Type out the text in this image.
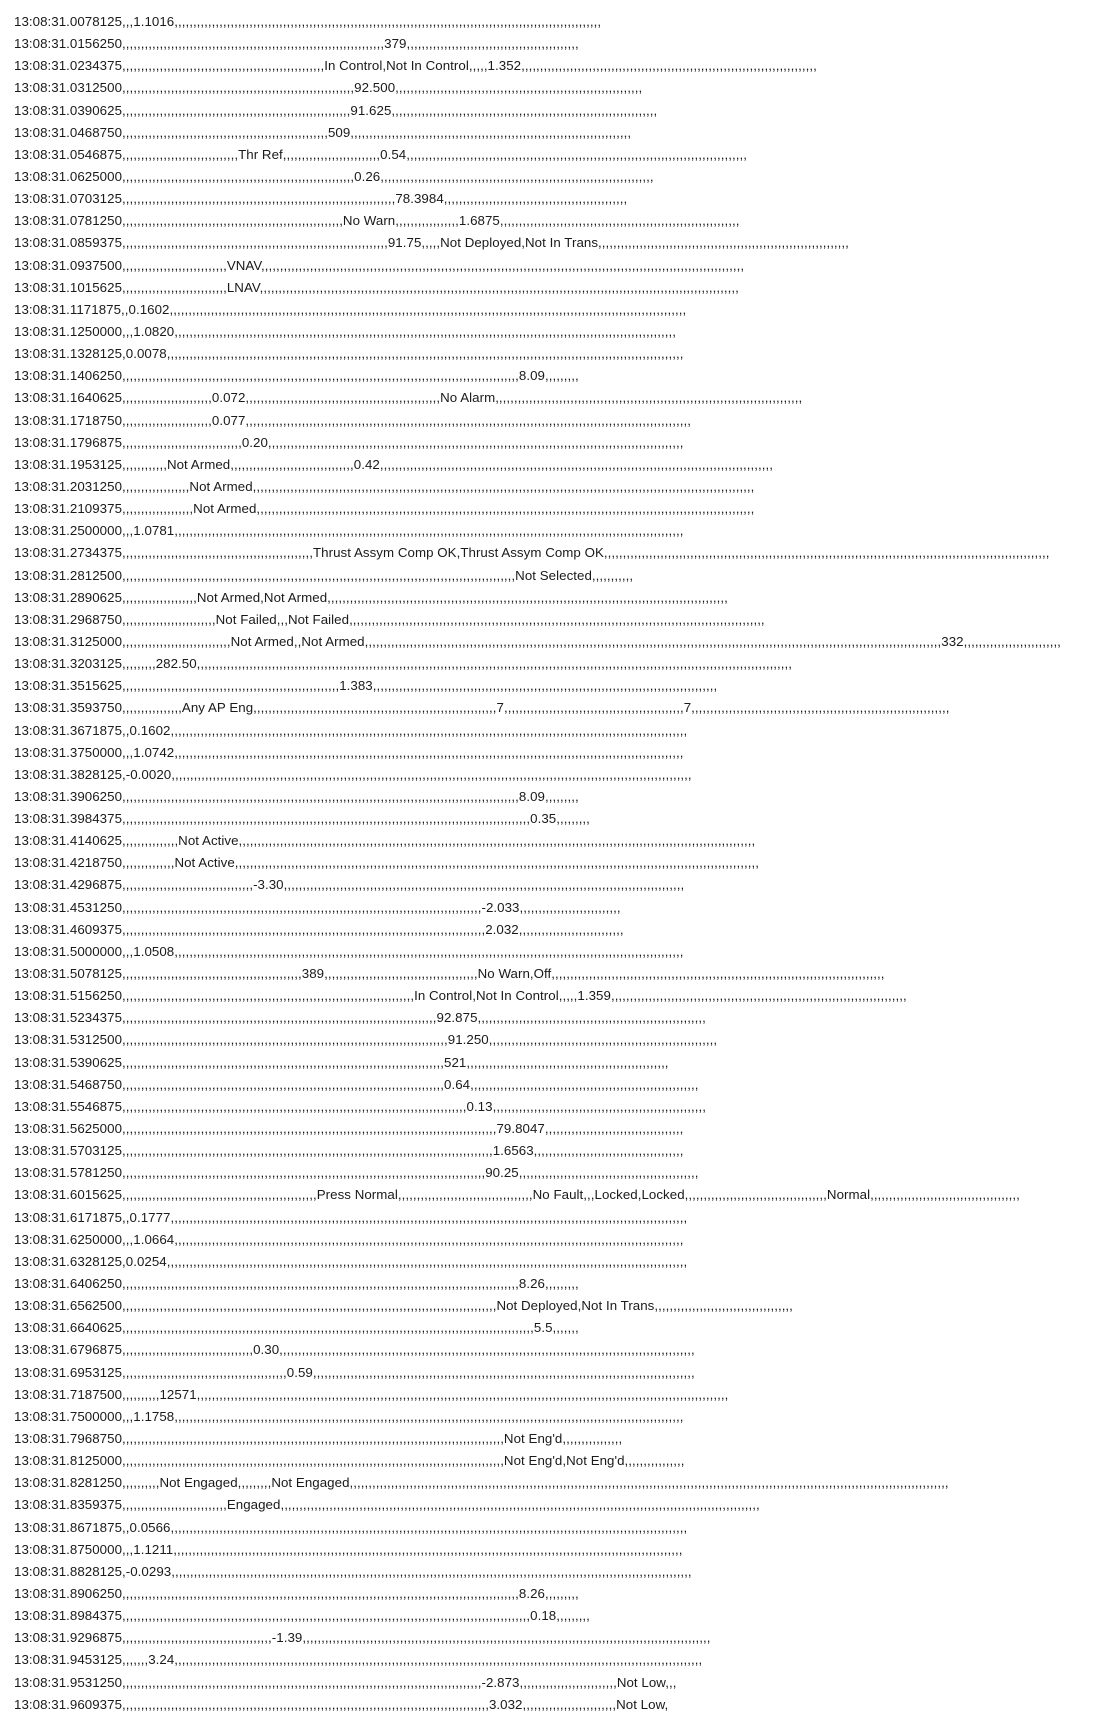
13:08:31.0078125,,,1.1016,,,,,,,,,,,,,,,,,,,,,,,,,,,,,,,,,,,,,,,,,,,,,,,,,,,,,,,,,,,,,,,,,,,,,,,,,,,,,,,,,,,,,,,,,,,,,,,,,,,,,,,,,,,,,,,,,,
13:08:31.0156250,,,,,,,,,,,,,,,,,,,,,,,,,,,,,,,,,,,,,,,,,,,,,,,,,,,,,,,,,,,,,,,,,,,,,,379,,,,,,,,,,,,,,,,,,,,,,,,,,,,,,,,,,,,,,,,,,,,,,
13:08:31.0234375,,,,,,,,,,,,,,,,,,,,,,,,,,,,,,,,,,,,,,,,,,,,,,,,,,,,,,In Control,Not In Control,,,,,1.352,,,,,,,,,,,,,,,,,,,,,,,,,,,,,,,,,,,,,,,,,,,,,,,,,,,,,,,,,,,,,,,,,,,,,,,,,,,,,,,
13:08:31.0312500,,,,,,,,,,,,,,,,,,,,,,,,,,,,,,,,,,,,,,,,,,,,,,,,,,,,,,,,,,,,,,92.500,,,,,,,,,,,,,,,,,,,,,,,,,,,,,,,,,,,,,,,,,,,,,,,,,,,,,,,,,,,,,,,,,,
13:08:31.0390625,,,,,,,,,,,,,,,,,,,,,,,,,,,,,,,,,,,,,,,,,,,,,,,,,,,,,,,,,,,,,91.625,,,,,,,,,,,,,,,,,,,,,,,,,,,,,,,,,,,,,,,,,,,,,,,,,,,,,,,,,,,,,,,,,,,,,,,
13:08:31.0468750,,,,,,,,,,,,,,,,,,,,,,,,,,,,,,,,,,,,,,,,,,,,,,,,,,,,,,,509,,,,,,,,,,,,,,,,,,,,,,,,,,,,,,,,,,,,,,,,,,,,,,,,,,,,,,,,,,,,,,,,,,,,,,,,,,,
13:08:31.0546875,,,,,,,,,,,,,,,,,,,,,,,,,,,,,,,Thr Ref,,,,,,,,,,,,,,,,,,,,,,,,,,0.54,,,,,,,,,,,,,,,,,,,,,,,,,,,,,,,,,,,,,,,,,,,,,,,,,,,,,,,,,,,,,,,,,,,,,,,,,,,,,,,,,,,,,,,,,,,
13:08:31.0625000,,,,,,,,,,,,,,,,,,,,,,,,,,,,,,,,,,,,,,,,,,,,,,,,,,,,,,,,,,,,,,0.26,,,,,,,,,,,,,,,,,,,,,,,,,,,,,,,,,,,,,,,,,,,,,,,,,,,,,,,,,,,,,,,,,,,,,,,,,
13:08:31.0703125,,,,,,,,,,,,,,,,,,,,,,,,,,,,,,,,,,,,,,,,,,,,,,,,,,,,,,,,,,,,,,,,,,,,,,,,,78.3984,,,,,,,,,,,,,,,,,,,,,,,,,,,,,,,,,,,,,,,,,,,,,,,,,
13:08:31.0781250,,,,,,,,,,,,,,,,,,,,,,,,,,,,,,,,,,,,,,,,,,,,,,,,,,,,,,,,,,,No Warn,,,,,,,,,,,,,,,,,1.6875,,,,,,,,,,,,,,,,,,,,,,,,,,,,,,,,,,,,,,,,,,,,,,,,,,,,,,,,,,,,,,,,
13:08:31.0859375,,,,,,,,,,,,,,,,,,,,,,,,,,,,,,,,,,,,,,,,,,,,,,,,,,,,,,,,,,,,,,,,,,,,,,,91.75,,,,,Not Deployed,Not In Trans,,,,,,,,,,,,,,,,,,,,,,,,,,,,,,,,,,,,,,,,,,,,,,,,,,,,,,,,,,,,,,,,,,,
13:08:31.0937500,,,,,,,,,,,,,,,,,,,,,,,,,,,,VNAV,,,,,,,,,,,,,,,,,,,,,,,,,,,,,,,,,,,,,,,,,,,,,,,,,,,,,,,,,,,,,,,,,,,,,,,,,,,,,,,,,,,,,,,,,,,,,,,,,,,,,,,,,,,,,,,,,,,,,,,,,,,,,,,,,
13:08:31.1015625,,,,,,,,,,,,,,,,,,,,,,,,,,,,LNAV,,,,,,,,,,,,,,,,,,,,,,,,,,,,,,,,,,,,,,,,,,,,,,,,,,,,,,,,,,,,,,,,,,,,,,,,,,,,,,,,,,,,,,,,,,,,,,,,,,,,,,,,,,,,,,,,,,,,,,,,,,,,,,,,
13:08:31.1171875,,0.1602,,,,,,,,,,,,,,,,,,,,,,,,,,,,,,,,,,,,,,,,,,,,,,,,,,,,,,,,,,,,,,,,,,,,,,,,,,,,,,,,,,,,,,,,,,,,,,,,,,,,,,,,,,,,,,,,,,,,,,,,,,,,,,,,,,,,,,,,,,
13:08:31.1250000,,,1.0820,,,,,,,,,,,,,,,,,,,,,,,,,,,,,,,,,,,,,,,,,,,,,,,,,,,,,,,,,,,,,,,,,,,,,,,,,,,,,,,,,,,,,,,,,,,,,,,,,,,,,,,,,,,,,,,,,,,,,,,,,,,,,,,,,,,,,,
13:08:31.1328125,0.0078,,,,,,,,,,,,,,,,,,,,,,,,,,,,,,,,,,,,,,,,,,,,,,,,,,,,,,,,,,,,,,,,,,,,,,,,,,,,,,,,,,,,,,,,,,,,,,,,,,,,,,,,,,,,,,,,,,,,,,,,,,,,,,,,,,,,,,,,,,
13:08:31.1406250,,,,,,,,,,,,,,,,,,,,,,,,,,,,,,,,,,,,,,,,,,,,,,,,,,,,,,,,,,,,,,,,,,,,,,,,,,,,,,,,,,,,,,,,,,,,,,,,,,,,,,,,,,8.09,,,,,,,,,
13:08:31.1640625,,,,,,,,,,,,,,,,,,,,,,,,0.072,,,,,,,,,,,,,,,,,,,,,,,,,,,,,,,,,,,,,,,,,,,,,,,,,,,,No Alarm,,,,,,,,,,,,,,,,,,,,,,,,,,,,,,,,,,,,,,,,,,,,,,,,,,,,,,,,,,,,,,,,,,,,,,,,,,,,,,,,,,
13:08:31.1718750,,,,,,,,,,,,,,,,,,,,,,,,0.077,,,,,,,,,,,,,,,,,,,,,,,,,,,,,,,,,,,,,,,,,,,,,,,,,,,,,,,,,,,,,,,,,,,,,,,,,,,,,,,,,,,,,,,,,,,,,,,,,,,,,,,,,,,,,,,,,,,,,,,
13:08:31.1796875,,,,,,,,,,,,,,,,,,,,,,,,,,,,,,,,0.20,,,,,,,,,,,,,,,,,,,,,,,,,,,,,,,,,,,,,,,,,,,,,,,,,,,,,,,,,,,,,,,,,,,,,,,,,,,,,,,,,,,,,,,,,,,,,,,,,,,,,,,,,,,,,,,
13:08:31.1953125,,,,,,,,,,,,Not Armed,,,,,,,,,,,,,,,,,,,,,,,,,,,,,,,,,0.42,,,,,,,,,,,,,,,,,,,,,,,,,,,,,,,,,,,,,,,,,,,,,,,,,,,,,,,,,,,,,,,,,,,,,,,,,,,,,,,,,,,,,,,,,,,,,,,,,,,,,,,,,
13:08:31.2031250,,,,,,,,,,,,,,,,,,Not Armed,,,,,,,,,,,,,,,,,,,,,,,,,,,,,,,,,,,,,,,,,,,,,,,,,,,,,,,,,,,,,,,,,,,,,,,,,,,,,,,,,,,,,,,,,,,,,,,,,,,,,,,,,,,,,,,,,,,,,,,,,,,,,,,,,,,,,,
13:08:31.2109375,,,,,,,,,,,,,,,,,,,Not Armed,,,,,,,,,,,,,,,,,,,,,,,,,,,,,,,,,,,,,,,,,,,,,,,,,,,,,,,,,,,,,,,,,,,,,,,,,,,,,,,,,,,,,,,,,,,,,,,,,,,,,,,,,,,,,,,,,,,,,,,,,,,,,,,,,,,,,
13:08:31.2500000,,,1.0781,,,,,,,,,,,,,,,,,,,,,,,,,,,,,,,,,,,,,,,,,,,,,,,,,,,,,,,,,,,,,,,,,,,,,,,,,,,,,,,,,,,,,,,,,,,,,,,,,,,,,,,,,,,,,,,,,,,,,,,,,,,,,,,,,,,,,,,,
13:08:31.2734375,,,,,,,,,,,,,,,,,,,,,,,,,,,,,,,,,,,,,,,,,,,,,,,,,,,Thrust Assym Comp OK,Thrust Assym Comp OK,,,,,,,,,,,,,,,,,,,,,,,,,,,,,,,,,,,,,,,,,,,,,,,,,,,,,,,,,,,,,,,,,,,,,,,,,,,,,,,,,,,,,,,,,,,,,,,,,,,,,,,,,,,,,,,,,,,,,,,
13:08:31.2812500,,,,,,,,,,,,,,,,,,,,,,,,,,,,,,,,,,,,,,,,,,,,,,,,,,,,,,,,,,,,,,,,,,,,,,,,,,,,,,,,,,,,,,,,,,,,,,,,,,,,,,,,,Not Selected,,,,,,,,,,,
13:08:31.2890625,,,,,,,,,,,,,,,,,,,,Not Armed,Not Armed,,,,,,,,,,,,,,,,,,,,,,,,,,,,,,,,,,,,,,,,,,,,,,,,,,,,,,,,,,,,,,,,,,,,,,,,,,,,,,,,,,,,,,,,,,,,,,,,,,,,,,,,,,,
13:08:31.2968750,,,,,,,,,,,,,,,,,,,,,,,,,Not Failed,,,Not Failed,,,,,,,,,,,,,,,,,,,,,,,,,,,,,,,,,,,,,,,,,,,,,,,,,,,,,,,,,,,,,,,,,,,,,,,,,,,,,,,,,,,,,,,,,,,,,,,,,,,,,,,,,,,,,,,
13:08:31.3125000,,,,,,,,,,,,,,,,,,,,,,,,,,,,,Not Armed,,Not Armed,,,,,,,,,,,,,,,,,,,,,,,,,,,,,,,,,,,,,,,,,,,,,,,,,,,,,,,,,,,,,,,,,,,,,,,,,,,,,,,,,,,,,,,,,,,,,,,,,,,,,,,,,,,,,,,,,,,,,,,,,,,,,,,,,,,,,,,,,,,,,,,,,,,,,,,,,,332,,,,,,,,,,,,,,,,,,,,,,,,,,
13:08:31.3203125,,,,,,,,,282.50,,,,,,,,,,,,,,,,,,,,,,,,,,,,,,,,,,,,,,,,,,,,,,,,,,,,,,,,,,,,,,,,,,,,,,,,,,,,,,,,,,,,,,,,,,,,,,,,,,,,,,,,,,,,,,,,,,,,,,,,,,,,,,,,,,,,,,,,,,,,,,,,,,,,,,,,,,,,,,,
13:08:31.3515625,,,,,,,,,,,,,,,,,,,,,,,,,,,,,,,,,,,,,,,,,,,,,,,,,,,,,,,,,,1.383,,,,,,,,,,,,,,,,,,,,,,,,,,,,,,,,,,,,,,,,,,,,,,,,,,,,,,,,,,,,,,,,,,,,,,,,,,,,,,,,,,,,,,,,,,,,
13:08:31.3593750,,,,,,,,,,,,,,,,Any AP Eng,,,,,,,,,,,,,,,,,,,,,,,,,,,,,,,,,,,,,,,,,,,,,,,,,,,,,,,,,,,,,,,,,7,,,,,,,,,,,,,,,,,,,,,,,,,,,,,,,,,,,,,,,,,,,,,,,,7,,,,,,,,,,,,,,,,,,,,,,,,,,,,,,,,,,,,,,,,,,,,,,,,,,,,,,,,,,,,,,,,,,,,,
13:08:31.3671875,,0.1602,,,,,,,,,,,,,,,,,,,,,,,,,,,,,,,,,,,,,,,,,,,,,,,,,,,,,,,,,,,,,,,,,,,,,,,,,,,,,,,,,,,,,,,,,,,,,,,,,,,,,,,,,,,,,,,,,,,,,,,,,,,,,,,,,,,,,,,,,,
13:08:31.3750000,,,1.0742,,,,,,,,,,,,,,,,,,,,,,,,,,,,,,,,,,,,,,,,,,,,,,,,,,,,,,,,,,,,,,,,,,,,,,,,,,,,,,,,,,,,,,,,,,,,,,,,,,,,,,,,,,,,,,,,,,,,,,,,,,,,,,,,,,,,,,,,
13:08:31.3828125,-0.0020,,,,,,,,,,,,,,,,,,,,,,,,,,,,,,,,,,,,,,,,,,,,,,,,,,,,,,,,,,,,,,,,,,,,,,,,,,,,,,,,,,,,,,,,,,,,,,,,,,,,,,,,,,,,,,,,,,,,,,,,,,,,,,,,,,,,,,,,,,,
13:08:31.3906250,,,,,,,,,,,,,,,,,,,,,,,,,,,,,,,,,,,,,,,,,,,,,,,,,,,,,,,,,,,,,,,,,,,,,,,,,,,,,,,,,,,,,,,,,,,,,,,,,,,,,,,,,,8.09,,,,,,,,,
13:08:31.3984375,,,,,,,,,,,,,,,,,,,,,,,,,,,,,,,,,,,,,,,,,,,,,,,,,,,,,,,,,,,,,,,,,,,,,,,,,,,,,,,,,,,,,,,,,,,,,,,,,,,,,,,,,,,,,0.35,,,,,,,,,
13:08:31.4140625,,,,,,,,,,,,,,,Not Active,,,,,,,,,,,,,,,,,,,,,,,,,,,,,,,,,,,,,,,,,,,,,,,,,,,,,,,,,,,,,,,,,,,,,,,,,,,,,,,,,,,,,,,,,,,,,,,,,,,,,,,,,,,,,,,,,,,,,,,,,,,,,,,,,,,,,,,,,,
13:08:31.4218750,,,,,,,,,,,,,,Not Active,,,,,,,,,,,,,,,,,,,,,,,,,,,,,,,,,,,,,,,,,,,,,,,,,,,,,,,,,,,,,,,,,,,,,,,,,,,,,,,,,,,,,,,,,,,,,,,,,,,,,,,,,,,,,,,,,,,,,,,,,,,,,,,,,,,,,,,,,,,,
13:08:31.4296875,,,,,,,,,,,,,,,,,,,,,,,,,,,,,,,,,,,-3.30,,,,,,,,,,,,,,,,,,,,,,,,,,,,,,,,,,,,,,,,,,,,,,,,,,,,,,,,,,,,,,,,,,,,,,,,,,,,,,,,,,,,,,,,,,,,,,,,,,,,,,,,,,,
13:08:31.4531250,,,,,,,,,,,,,,,,,,,,,,,,,,,,,,,,,,,,,,,,,,,,,,,,,,,,,,,,,,,,,,,,,,,,,,,,,,,,,,,,,,,,,,,,,,,,,,,,-2.033,,,,,,,,,,,,,,,,,,,,,,,,,,,
13:08:31.4609375,,,,,,,,,,,,,,,,,,,,,,,,,,,,,,,,,,,,,,,,,,,,,,,,,,,,,,,,,,,,,,,,,,,,,,,,,,,,,,,,,,,,,,,,,,,,,,,,,2.032,,,,,,,,,,,,,,,,,,,,,,,,,,,,
13:08:31.5000000,,,1.0508,,,,,,,,,,,,,,,,,,,,,,,,,,,,,,,,,,,,,,,,,,,,,,,,,,,,,,,,,,,,,,,,,,,,,,,,,,,,,,,,,,,,,,,,,,,,,,,,,,,,,,,,,,,,,,,,,,,,,,,,,,,,,,,,,,,,,,,,
13:08:31.5078125,,,,,,,,,,,,,,,,,,,,,,,,,,,,,,,,,,,,,,,,,,,,,,,,389,,,,,,,,,,,,,,,,,,,,,,,,,,,,,,,,,,,,,,,,,No Warn,Off,,,,,,,,,,,,,,,,,,,,,,,,,,,,,,,,,,,,,,,,,,,,,,,,,,,,,,,,,,,,,,,,,,,,,,,,,,,,,,,,,,,,,,,,,
13:08:31.5156250,,,,,,,,,,,,,,,,,,,,,,,,,,,,,,,,,,,,,,,,,,,,,,,,,,,,,,,,,,,,,,,,,,,,,,,,,,,,,,In Control,Not In Control,,,,,1.359,,,,,,,,,,,,,,,,,,,,,,,,,,,,,,,,,,,,,,,,,,,,,,,,,,,,,,,,,,,,,,,,,,,,,,,,,,,,,,,
13:08:31.5234375,,,,,,,,,,,,,,,,,,,,,,,,,,,,,,,,,,,,,,,,,,,,,,,,,,,,,,,,,,,,,,,,,,,,,,,,,,,,,,,,,,,,92.875,,,,,,,,,,,,,,,,,,,,,,,,,,,,,,,,,,,,,,,,,,,,,,,,,,,,,,,,,,,,,
13:08:31.5312500,,,,,,,,,,,,,,,,,,,,,,,,,,,,,,,,,,,,,,,,,,,,,,,,,,,,,,,,,,,,,,,,,,,,,,,,,,,,,,,,,,,,,,,91.250,,,,,,,,,,,,,,,,,,,,,,,,,,,,,,,,,,,,,,,,,,,,,,,,,,,,,,,,,,,,,
13:08:31.5390625,,,,,,,,,,,,,,,,,,,,,,,,,,,,,,,,,,,,,,,,,,,,,,,,,,,,,,,,,,,,,,,,,,,,,,,,,,,,,,,,,,,,,,521,,,,,,,,,,,,,,,,,,,,,,,,,,,,,,,,,,,,,,,,,,,,,,,,,,,,,,
13:08:31.5468750,,,,,,,,,,,,,,,,,,,,,,,,,,,,,,,,,,,,,,,,,,,,,,,,,,,,,,,,,,,,,,,,,,,,,,,,,,,,,,,,,,,,,,0.64,,,,,,,,,,,,,,,,,,,,,,,,,,,,,,,,,,,,,,,,,,,,,,,,,,,,,,,,,,,,,
13:08:31.5546875,,,,,,,,,,,,,,,,,,,,,,,,,,,,,,,,,,,,,,,,,,,,,,,,,,,,,,,,,,,,,,,,,,,,,,,,,,,,,,,,,,,,,,,,,,,,0.13,,,,,,,,,,,,,,,,,,,,,,,,,,,,,,,,,,,,,,,,,,,,,,,,,,,,,,,,,
13:08:31.5625000,,,,,,,,,,,,,,,,,,,,,,,,,,,,,,,,,,,,,,,,,,,,,,,,,,,,,,,,,,,,,,,,,,,,,,,,,,,,,,,,,,,,,,,,,,,,,,,,,,,,79.8047,,,,,,,,,,,,,,,,,,,,,,,,,,,,,,,,,,,,,
13:08:31.5703125,,,,,,,,,,,,,,,,,,,,,,,,,,,,,,,,,,,,,,,,,,,,,,,,,,,,,,,,,,,,,,,,,,,,,,,,,,,,,,,,,,,,,,,,,,,,,,,,,,,1.6563,,,,,,,,,,,,,,,,,,,,,,,,,,,,,,,,,,,,,,,,
13:08:31.5781250,,,,,,,,,,,,,,,,,,,,,,,,,,,,,,,,,,,,,,,,,,,,,,,,,,,,,,,,,,,,,,,,,,,,,,,,,,,,,,,,,,,,,,,,,,,,,,,,,90.25,,,,,,,,,,,,,,,,,,,,,,,,,,,,,,,,,,,,,,,,,,,,,,,,
13:08:31.6015625,,,,,,,,,,,,,,,,,,,,,,,,,,,,,,,,,,,,,,,,,,,,,,,,,,,,Press Normal,,,,,,,,,,,,,,,,,,,,,,,,,,,,,,,,,,,,No Fault,,,Locked,Locked,,,,,,,,,,,,,,,,,,,,,,,,,,,,,,,,,,,,,,Normal,,,,,,,,,,,,,,,,,,,,,,,,,,,,,,,,,,,,,,,,
13:08:31.6171875,,0.1777,,,,,,,,,,,,,,,,,,,,,,,,,,,,,,,,,,,,,,,,,,,,,,,,,,,,,,,,,,,,,,,,,,,,,,,,,,,,,,,,,,,,,,,,,,,,,,,,,,,,,,,,,,,,,,,,,,,,,,,,,,,,,,,,,,,,,,,,,,
13:08:31.6250000,,,1.0664,,,,,,,,,,,,,,,,,,,,,,,,,,,,,,,,,,,,,,,,,,,,,,,,,,,,,,,,,,,,,,,,,,,,,,,,,,,,,,,,,,,,,,,,,,,,,,,,,,,,,,,,,,,,,,,,,,,,,,,,,,,,,,,,,,,,,,,,
13:08:31.6328125,0.0254,,,,,,,,,,,,,,,,,,,,,,,,,,,,,,,,,,,,,,,,,,,,,,,,,,,,,,,,,,,,,,,,,,,,,,,,,,,,,,,,,,,,,,,,,,,,,,,,,,,,,,,,,,,,,,,,,,,,,,,,,,,,,,,,,,,,,,,,,,,
13:08:31.6406250,,,,,,,,,,,,,,,,,,,,,,,,,,,,,,,,,,,,,,,,,,,,,,,,,,,,,,,,,,,,,,,,,,,,,,,,,,,,,,,,,,,,,,,,,,,,,,,,,,,,,,,,,,8.26,,,,,,,,,
13:08:31.6562500,,,,,,,,,,,,,,,,,,,,,,,,,,,,,,,,,,,,,,,,,,,,,,,,,,,,,,,,,,,,,,,,,,,,,,,,,,,,,,,,,,,,,,,,,,,,,,,,,,,,Not Deployed,Not In Trans,,,,,,,,,,,,,,,,,,,,,,,,,,,,,,,,,,,,,
13:08:31.6640625,,,,,,,,,,,,,,,,,,,,,,,,,,,,,,,,,,,,,,,,,,,,,,,,,,,,,,,,,,,,,,,,,,,,,,,,,,,,,,,,,,,,,,,,,,,,,,,,,,,,,,,,,,,,,,5.5,,,,,,,
13:08:31.6796875,,,,,,,,,,,,,,,,,,,,,,,,,,,,,,,,,,,0.30,,,,,,,,,,,,,,,,,,,,,,,,,,,,,,,,,,,,,,,,,,,,,,,,,,,,,,,,,,,,,,,,,,,,,,,,,,,,,,,,,,,,,,,,,,,,,,,,,,,,,,,,,,,,,,,
13:08:31.6953125,,,,,,,,,,,,,,,,,,,,,,,,,,,,,,,,,,,,,,,,,,,,0.59,,,,,,,,,,,,,,,,,,,,,,,,,,,,,,,,,,,,,,,,,,,,,,,,,,,,,,,,,,,,,,,,,,,,,,,,,,,,,,,,,,,,,,,,,,,,,,,,,,,,,,
13:08:31.7187500,,,,,,,,,,12571,,,,,,,,,,,,,,,,,,,,,,,,,,,,,,,,,,,,,,,,,,,,,,,,,,,,,,,,,,,,,,,,,,,,,,,,,,,,,,,,,,,,,,,,,,,,,,,,,,,,,,,,,,,,,,,,,,,,,,,,,,,,,,,,,,,,,,,,,,,,,,
13:08:31.7500000,,,1.1758,,,,,,,,,,,,,,,,,,,,,,,,,,,,,,,,,,,,,,,,,,,,,,,,,,,,,,,,,,,,,,,,,,,,,,,,,,,,,,,,,,,,,,,,,,,,,,,,,,,,,,,,,,,,,,,,,,,,,,,,,,,,,,,,,,,,,,,,
13:08:31.7968750,,,,,,,,,,,,,,,,,,,,,,,,,,,,,,,,,,,,,,,,,,,,,,,,,,,,,,,,,,,,,,,,,,,,,,,,,,,,,,,,,,,,,,,,,,,,,,,,,,,,,,Not Eng'd,,,,,,,,,,,,,,,,
13:08:31.8125000,,,,,,,,,,,,,,,,,,,,,,,,,,,,,,,,,,,,,,,,,,,,,,,,,,,,,,,,,,,,,,,,,,,,,,,,,,,,,,,,,,,,,,,,,,,,,,,,,,,,,,Not Eng'd,Not Eng'd,,,,,,,,,,,,,,,,
13:08:31.8281250,,,,,,,,,,Not Engaged,,,,,,,,,Not Engaged,,,,,,,,,,,,,,,,,,,,,,,,,,,,,,,,,,,,,,,,,,,,,,,,,,,,,,,,,,,,,,,,,,,,,,,,,,,,,,,,,,,,,,,,,,,,,,,,,,,,,,,,,,,,,,,,,,,,,,,,,,,,,,,,,,,,,,,,,,,,,,,,,,,,,,,,,,,,,,,,
13:08:31.8359375,,,,,,,,,,,,,,,,,,,,,,,,,,,,Engaged,,,,,,,,,,,,,,,,,,,,,,,,,,,,,,,,,,,,,,,,,,,,,,,,,,,,,,,,,,,,,,,,,,,,,,,,,,,,,,,,,,,,,,,,,,,,,,,,,,,,,,,,,,,,,,,,,,,,,,,,,,,,,,,,
13:08:31.8671875,,0.0566,,,,,,,,,,,,,,,,,,,,,,,,,,,,,,,,,,,,,,,,,,,,,,,,,,,,,,,,,,,,,,,,,,,,,,,,,,,,,,,,,,,,,,,,,,,,,,,,,,,,,,,,,,,,,,,,,,,,,,,,,,,,,,,,,,,,,,,,,,
13:08:31.8750000,,,1.1211,,,,,,,,,,,,,,,,,,,,,,,,,,,,,,,,,,,,,,,,,,,,,,,,,,,,,,,,,,,,,,,,,,,,,,,,,,,,,,,,,,,,,,,,,,,,,,,,,,,,,,,,,,,,,,,,,,,,,,,,,,,,,,,,,,,,,,,,
13:08:31.8828125,-0.0293,,,,,,,,,,,,,,,,,,,,,,,,,,,,,,,,,,,,,,,,,,,,,,,,,,,,,,,,,,,,,,,,,,,,,,,,,,,,,,,,,,,,,,,,,,,,,,,,,,,,,,,,,,,,,,,,,,,,,,,,,,,,,,,,,,,,,,,,,,,
13:08:31.8906250,,,,,,,,,,,,,,,,,,,,,,,,,,,,,,,,,,,,,,,,,,,,,,,,,,,,,,,,,,,,,,,,,,,,,,,,,,,,,,,,,,,,,,,,,,,,,,,,,,,,,,,,,,8.26,,,,,,,,,
13:08:31.8984375,,,,,,,,,,,,,,,,,,,,,,,,,,,,,,,,,,,,,,,,,,,,,,,,,,,,,,,,,,,,,,,,,,,,,,,,,,,,,,,,,,,,,,,,,,,,,,,,,,,,,,,,,,,,,0.18,,,,,,,,,
13:08:31.9296875,,,,,,,,,,,,,,,,,,,,,,,,,,,,,,,,,,,,,,,,-1.39,,,,,,,,,,,,,,,,,,,,,,,,,,,,,,,,,,,,,,,,,,,,,,,,,,,,,,,,,,,,,,,,,,,,,,,,,,,,,,,,,,,,,,,,,,,,,,,,,,,,,,,,,,,,,
13:08:31.9453125,,,,,,,3.24,,,,,,,,,,,,,,,,,,,,,,,,,,,,,,,,,,,,,,,,,,,,,,,,,,,,,,,,,,,,,,,,,,,,,,,,,,,,,,,,,,,,,,,,,,,,,,,,,,,,,,,,,,,,,,,,,,,,,,,,,,,,,,,,,,,,,,,,,,,,,
13:08:31.9531250,,,,,,,,,,,,,,,,,,,,,,,,,,,,,,,,,,,,,,,,,,,,,,,,,,,,,,,,,,,,,,,,,,,,,,,,,,,,,,,,,,,,,,,,,,,,,,,,-2.873,,,,,,,,,,,,,,,,,,,,,,,,,,Not Low,,,
13:08:31.9609375,,,,,,,,,,,,,,,,,,,,,,,,,,,,,,,,,,,,,,,,,,,,,,,,,,,,,,,,,,,,,,,,,,,,,,,,,,,,,,,,,,,,,,,,,,,,,,,,,,3.032,,,,,,,,,,,,,,,,,,,,,,,,,Not Low,
